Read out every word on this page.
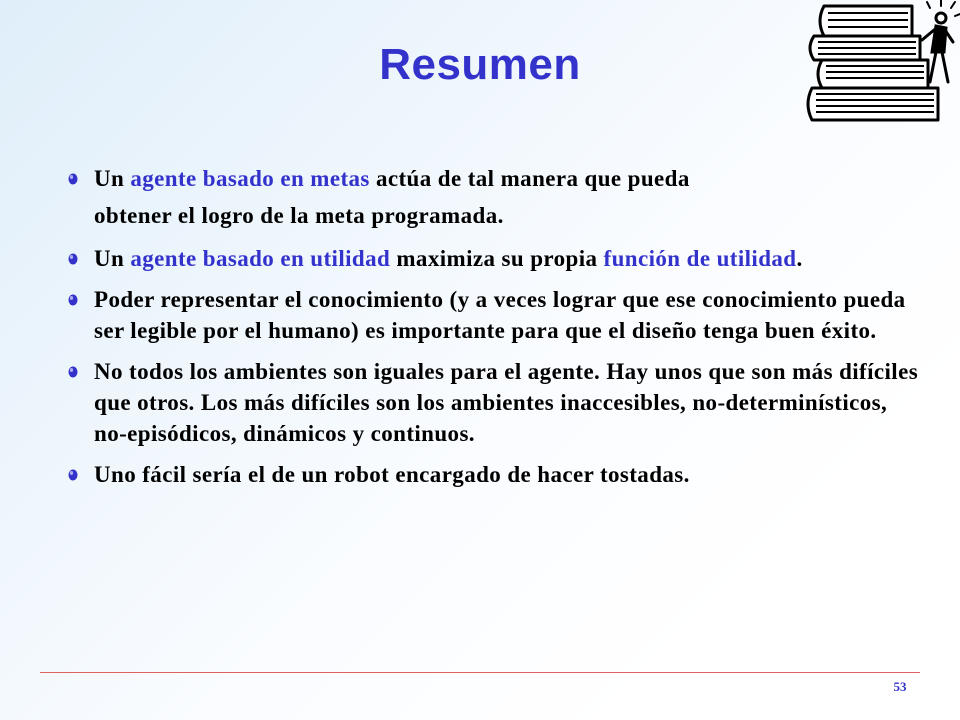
Resumen
Un agente basado en metas actúa de tal manera que pueda
obtener el logro de la meta programada.
Un agente basado en utilidad maximiza su propia función de utilidad.
Poder representar el conocimiento (y a veces lograr que ese conocimiento pueda ser legible por el humano) es importante para que el diseño tenga buen éxito.
No todos los ambientes son iguales para el agente. Hay unos que son más difíciles que otros. Los más difíciles son los ambientes inaccesibles, no-determinísticos, no-episódicos, dinámicos y continuos.
Uno fácil sería el de un robot encargado de hacer tostadas.
53
